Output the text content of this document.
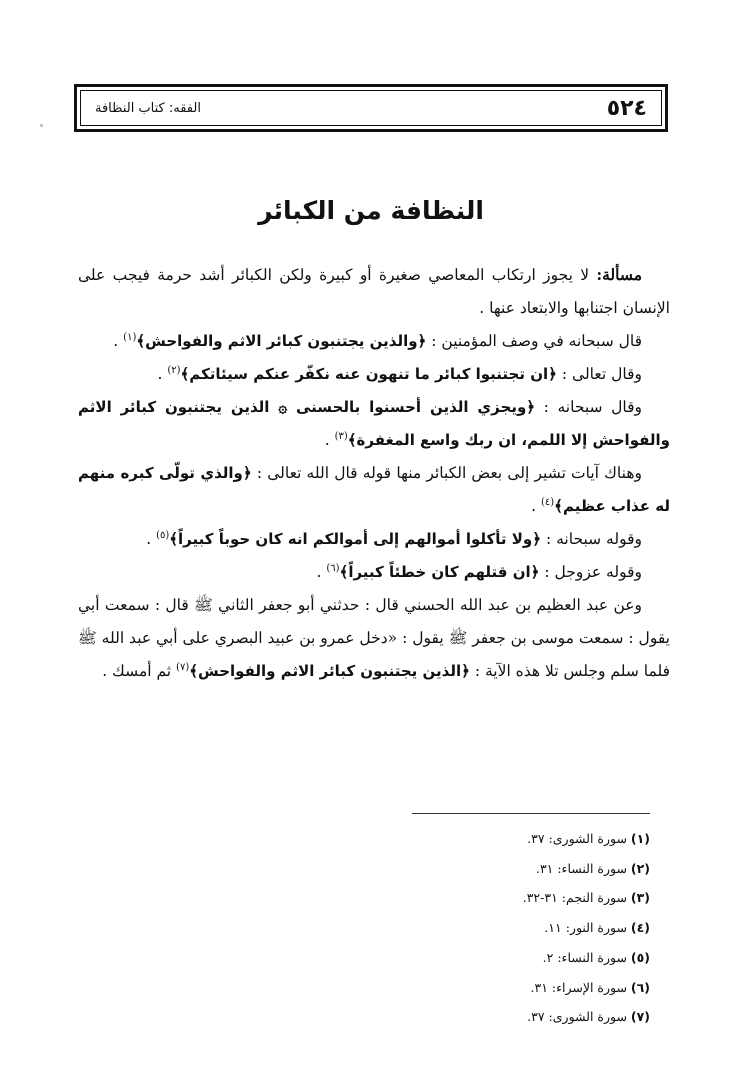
٥٢٤
الفقه: كتاب النظافة
النظافة من الكبائر

مسألة: لا يجوز ارتكاب المعاصي صغيرة أو كبيرة ولكن الكبائر أشد حرمة فيجب على الإنسان اجتنابها والابتعاد عنها .

قال سبحانه في وصف المؤمنين : ﴿والذين يجتنبون كبائر الاثم والفواحش﴾$^{(١)}$ .

وقال تعالى : ﴿ان تجتنبوا كبائر ما تنهون عنه نكفّر عنكم سيئاتكم﴾$^{(٢)}$ .

وقال سبحانه : ﴿ويجزي الذين أحسنوا بالحسنى ۞ الذين يجتنبون كبائر الاثم والفواحش إلا اللمم، ان ربك واسع المغفرة﴾$^{(٣)}$ .

وهناك آيات تشير إلى بعض الكبائر منها قوله قال الله تعالى : ﴿والذي تولّى كبره منهم له عذاب عظيم﴾$^{(٤)}$ .

وقوله سبحانه : ﴿ولا تأكلوا أموالهم إلى أموالكم انه كان حوباً كبيراً﴾$^{(٥)}$ .

وقوله عزوجل : ﴿ان قتلهم كان خطئاً كبيراً﴾$^{(٦)}$ .

وعن عبد العظيم بن عبد الله الحسني قال : حدثني أبو جعفر الثاني ﷺ قال : سمعت أبي يقول : سمعت موسى بن جعفر ﷺ يقول : «دخل عمرو بن عبيد البصري على أبي عبد الله ﷺ فلما سلم وجلس تلا هذه الآية : ﴿الذين يجتنبون كبائر الاثم والفواحش﴾$^{(٧)}$ ثم أمسك .

(١) سورة الشورى: ٣٧.
(٢) سورة النساء: ٣١.
(٣) سورة النجم: ٣١-٣٢.
(٤) سورة النور: ١١.
(٥) سورة النساء: ٢.
(٦) سورة الإسراء: ٣١.
(٧) سورة الشورى: ٣٧.
